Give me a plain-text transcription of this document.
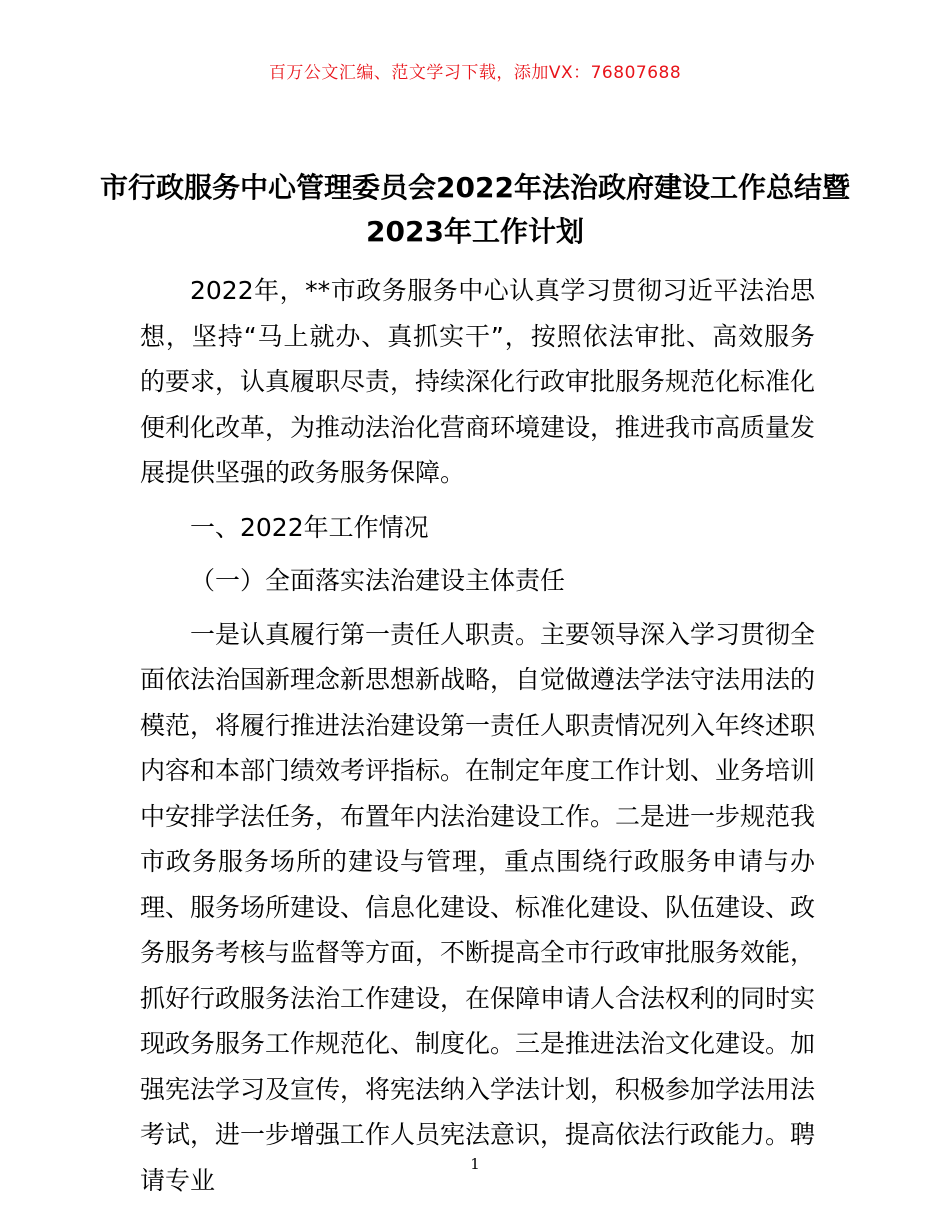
百万公文汇编、范文学习下载，添加VX：76807688
市行政服务中心管理委员会2022年法治政府建设工作总结暨2023年工作计划

2022年，**市政务服务中心认真学习贯彻习近平法治思想，坚持“马上就办、真抓实干”，按照依法审批、高效服务的要求，认真履职尽责，持续深化行政审批服务规范化标准化便利化改革，为推动法治化营商环境建设，推进我市高质量发展提供坚强的政务服务保障。

一、2022年工作情况

（一）全面落实法治建设主体责任

一是认真履行第一责任人职责。主要领导深入学习贯彻全面依法治国新理念新思想新战略，自觉做遵法学法守法用法的模范，将履行推进法治建设第一责任人职责情况列入年终述职内容和本部门绩效考评指标。在制定年度工作计划、业务培训中安排学法任务，布置年内法治建设工作。二是进一步规范我市政务服务场所的建设与管理，重点围绕行政服务申请与办理、服务场所建设、信息化建设、标准化建设、队伍建设、政务服务考核与监督等方面，不断提高全市行政审批服务效能，抓好行政服务法治工作建设，在保障申请人合法权利的同时实现政务服务工作规范化、制度化。三是推进法治文化建设。加强宪法学习及宣传，将宪法纳入学法计划，积极参加学法用法考试，进一步增强工作人员宪法意识，提高依法行政能力。聘请专业

1
